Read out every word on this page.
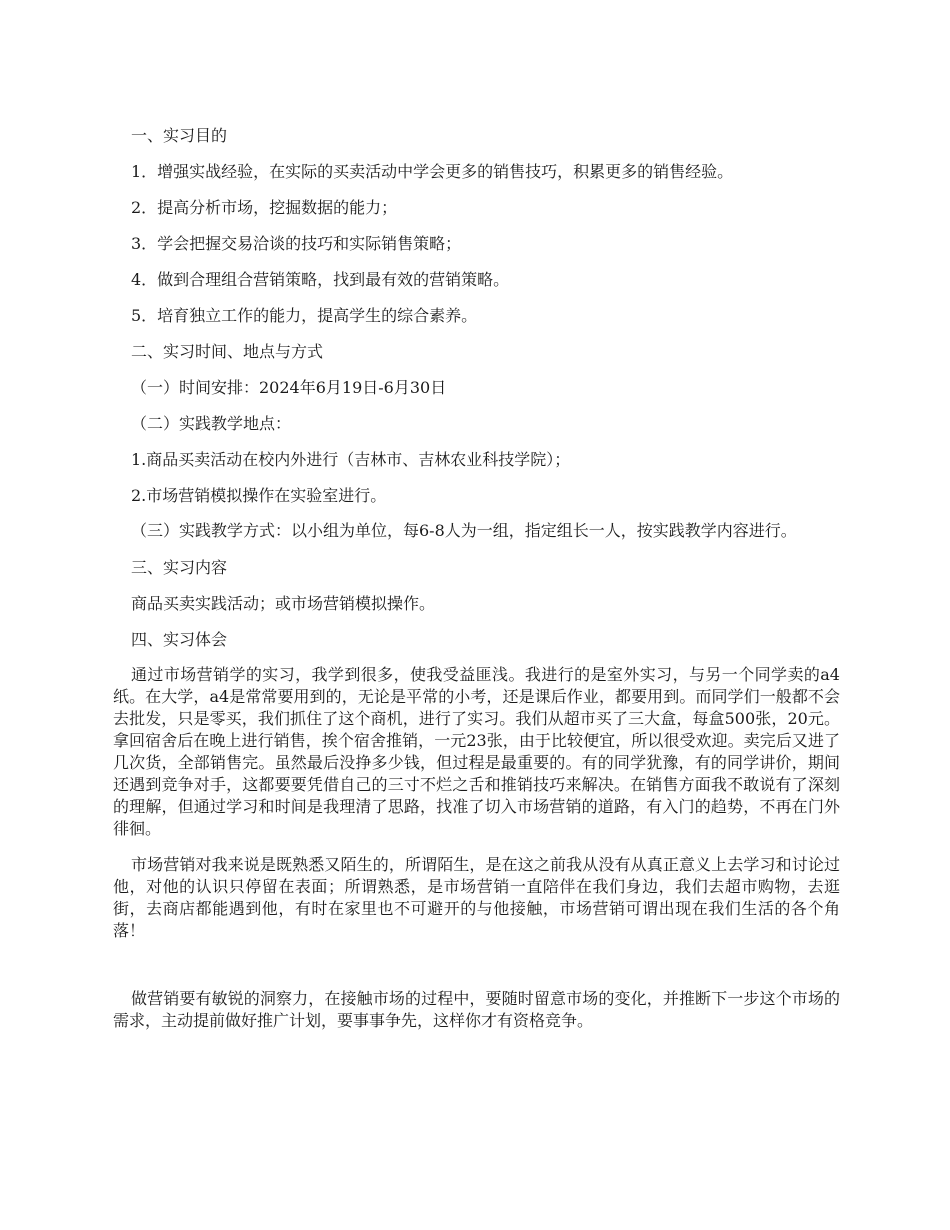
一、实习目的
1．增强实战经验，在实际的买卖活动中学会更多的销售技巧，积累更多的销售经验。
2．提高分析市场，挖掘数据的能力；
3．学会把握交易洽谈的技巧和实际销售策略；
4．做到合理组合营销策略，找到最有效的营销策略。
5．培育独立工作的能力，提高学生的综合素养。
二、实习时间、地点与方式
（一）时间安排：2024年6月19日-6月30日
（二）实践教学地点：
1.商品买卖活动在校内外进行（吉林市、吉林农业科技学院）；
2.市场营销模拟操作在实验室进行。
（三）实践教学方式：以小组为单位，每6-8人为一组，指定组长一人，按实践教学内容进行。
三、实习内容
商品买卖实践活动；或市场营销模拟操作。
四、实习体会
通过市场营销学的实习，我学到很多，使我受益匪浅。我进行的是室外实习，与另一个同学卖的a4纸。在大学，a4是常常要用到的，无论是平常的小考，还是课后作业，都要用到。而同学们一般都不会去批发，只是零买，我们抓住了这个商机，进行了实习。我们从超市买了三大盒，每盒500张，20元。拿回宿舍后在晚上进行销售，挨个宿舍推销，一元23张，由于比较便宜，所以很受欢迎。卖完后又进了几次货，全部销售完。虽然最后没挣多少钱，但过程是最重要的。有的同学犹豫，有的同学讲价，期间还遇到竞争对手，这都要要凭借自己的三寸不烂之舌和推销技巧来解决。在销售方面我不敢说有了深刻的理解，但通过学习和时间是我理清了思路，找准了切入市场营销的道路，有入门的趋势，不再在门外徘徊。
市场营销对我来说是既熟悉又陌生的，所谓陌生，是在这之前我从没有从真正意义上去学习和讨论过他，对他的认识只停留在表面；所谓熟悉，是市场营销一直陪伴在我们身边，我们去超市购物，去逛街，去商店都能遇到他，有时在家里也不可避开的与他接触，市场营销可谓出现在我们生活的各个角落！
做营销要有敏锐的洞察力，在接触市场的过程中，要随时留意市场的变化，并推断下一步这个市场的需求，主动提前做好推广计划，要事事争先，这样你才有资格竞争。
